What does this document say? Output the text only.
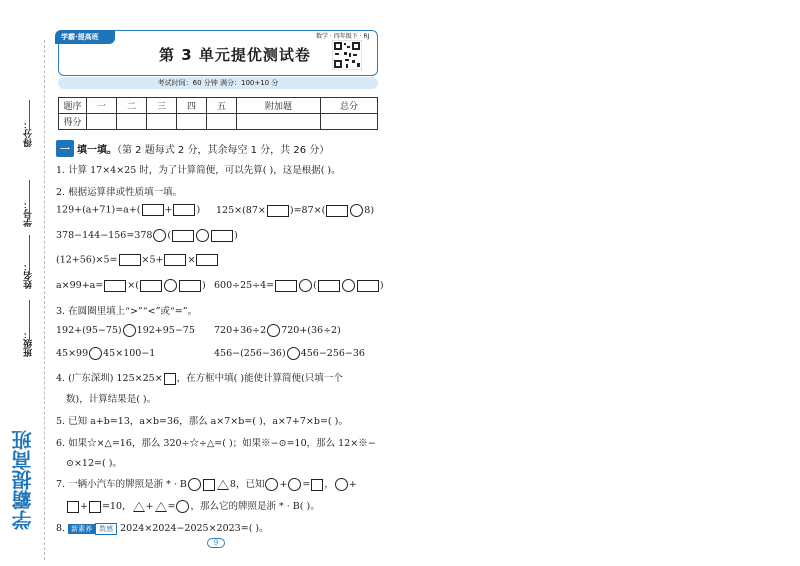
得分：
学号：
姓名：
班级：
学霸提高班
学霸·提高班	数学 · 四年级下 · RJ
第 3 单元提优测试卷
考试时间：60 分钟 满分：100+10 分
题序	一	二	三	四	五	附加题	总分
得分							
一 填一填。（第 2 题每式 2 分，其余每空 1 分，共 26 分）
1. 计算 17×4×25 时，为了计算简便，可以先算( )，这是根据( )。
2. 根据运算律或性质填一填。
129+(a+71)=a+(	+	) 125×(87×	)=87×(	8)
378−144−156=378 (	)
(12+56)×5=	×5+	×
a×99+a=	×(	) 600÷25÷4=	(	)
3. 在圆圈里填上“>”“<”或“=”。
192+(95−75) 192+95−75 720+36÷2 720+(36÷2)
45×99 45×100−1	456−(256−36) 456−256−36
4. (广东深圳) 125×25× ，在方框中填( )能使计算简便(只填一个
数)，计算结果是( )。
5. 已知 a+b=13，a×b=36，那么 a×7×b=( )，a×7+7×b=( )。
6. 如果☆×△=16，那么 320÷☆÷△=( )；如果※−⊙=10，那么 12×※−
⊙×12=( )。
7. 一辆小汽车的牌照是浙 * · B	8，已知 + = ， +
+ =10， + = ，那么它的牌照是浙 * · B( )。
8. 新素养 数感 2024×2024−2025×2023=( )。
9
